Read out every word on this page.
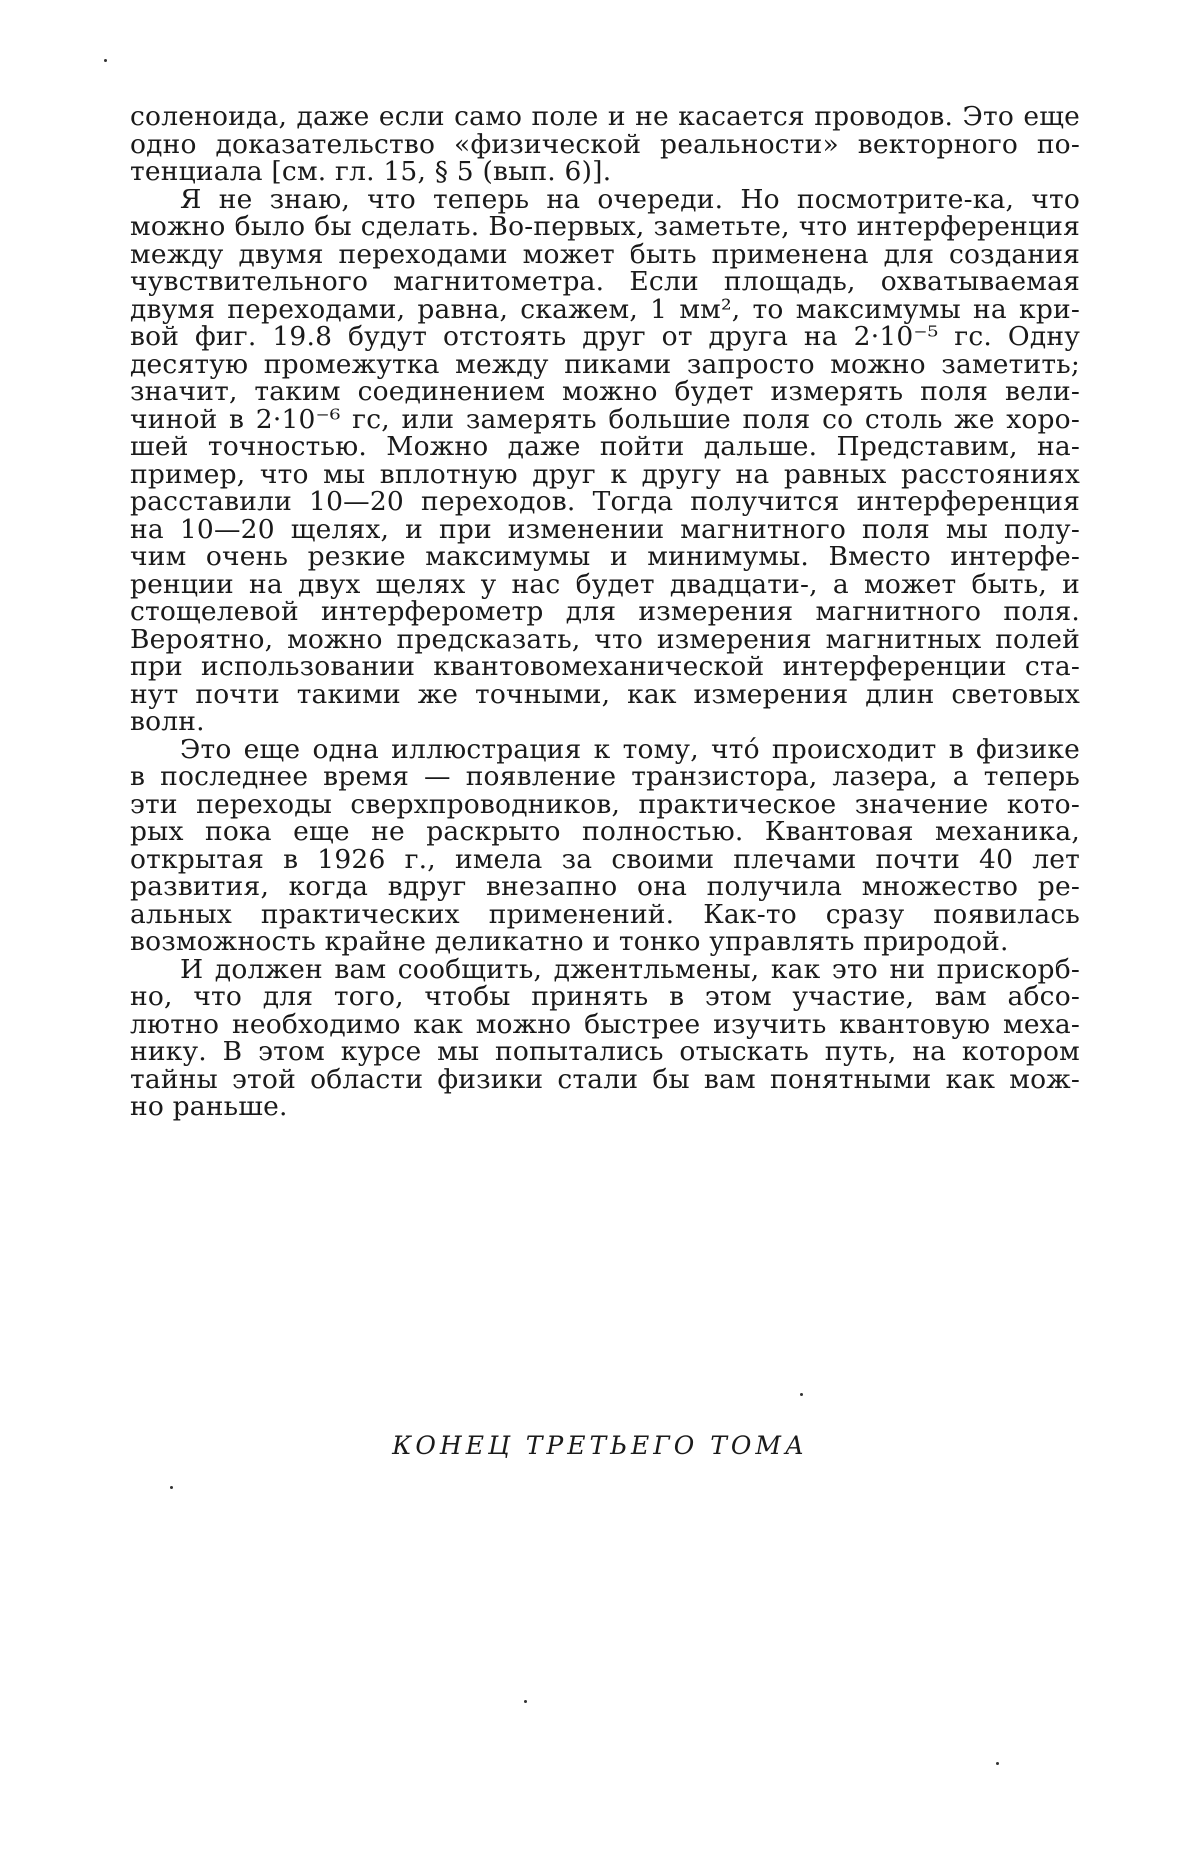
соленоида, даже если само поле и не касается проводов. Это еще
одно доказательство «физической реальности» векторного по-
тенциала [см. гл. 15, § 5 (вып. 6)].
Я не знаю, что теперь на очереди. Но посмотрите-ка, что
можно было бы сделать. Во-первых, заметьте, что интерференция
между двумя переходами может быть применена для создания
чувствительного магнитометра. Если площадь, охватываемая
двумя переходами, равна, скажем, 1 мм², то максимумы на кри-
вой фиг. 19.8 будут отстоять друг от друга на 2·10⁻⁵ гс. Одну
десятую промежутка между пиками запросто можно заметить;
значит, таким соединением можно будет измерять поля вели-
чиной в 2·10⁻⁶ гс, или замерять большие поля со столь же хоро-
шей точностью. Можно даже пойти дальше. Представим, на-
пример, что мы вплотную друг к другу на равных расстояниях
расставили 10—20 переходов. Тогда получится интерференция
на 10—20 щелях, и при изменении магнитного поля мы полу-
чим очень резкие максимумы и минимумы. Вместо интерфе-
ренции на двух щелях у нас будет двадцати-, а может быть, и
стощелевой интерферометр для измерения магнитного поля.
Вероятно, можно предсказать, что измерения магнитных полей
при использовании квантовомеханической интерференции ста-
нут почти такими же точными, как измерения длин световых
волн.
Это еще одна иллюстрация к тому, что́ происходит в физике
в последнее время — появление транзистора, лазера, а теперь
эти переходы сверхпроводников, практическое значение кото-
рых пока еще не раскрыто полностью. Квантовая механика,
открытая в 1926 г., имела за своими плечами почти 40 лет
развития, когда вдруг внезапно она получила множество ре-
альных практических применений. Как-то сразу появилась
возможность крайне деликатно и тонко управлять природой.
И должен вам сообщить, джентльмены, как это ни прискорб-
но, что для того, чтобы принять в этом участие, вам абсо-
лютно необходимо как можно быстрее изучить квантовую меха-
нику. В этом курсе мы попытались отыскать путь, на котором
тайны этой области физики стали бы вам понятными как мож-
но раньше.
КОНЕЦ ТРЕТЬЕГО ТОМА
